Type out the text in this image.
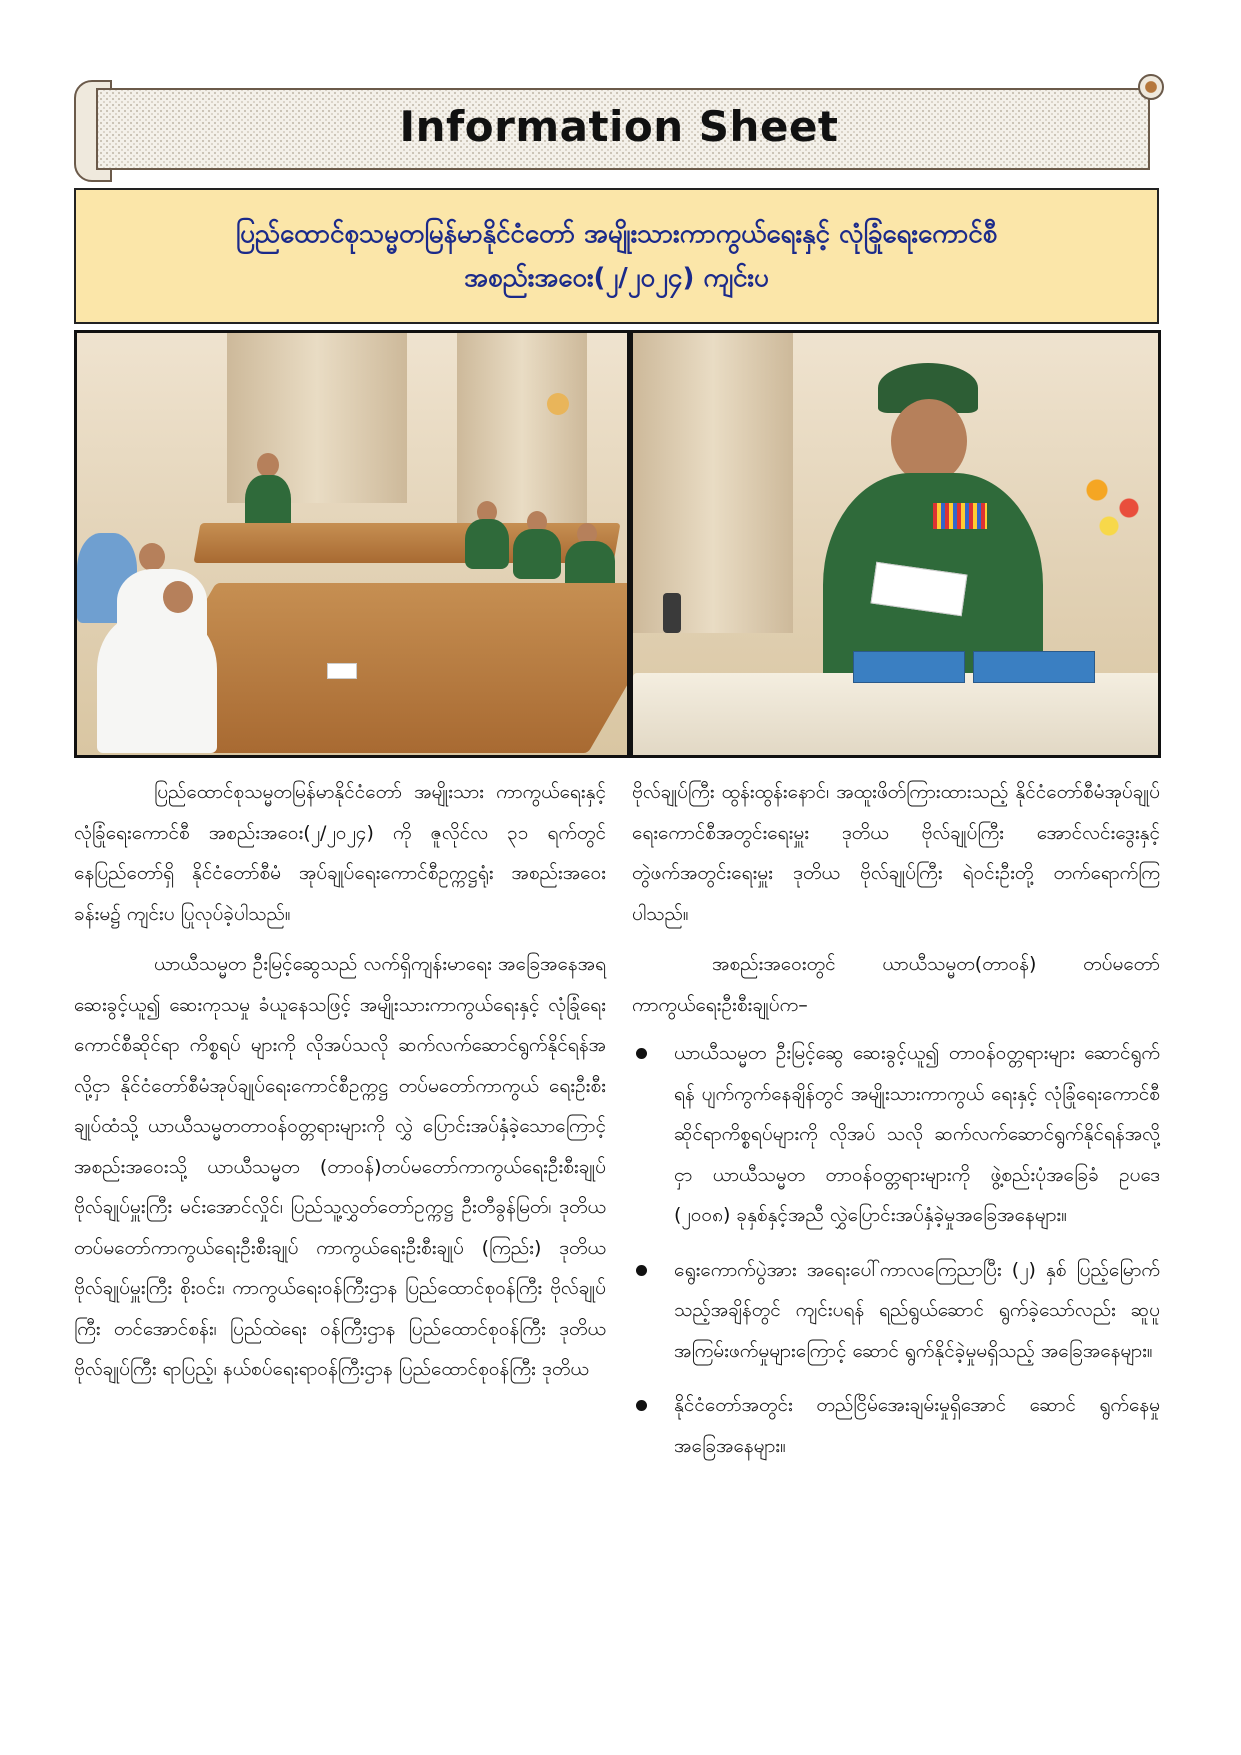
Information Sheet
ပြည်ထောင်စုသမ္မတမြန်မာနိုင်ငံတော် အမျိုးသားကာကွယ်ရေးနှင့် လုံခြုံရေးကောင်စီ
အစည်းအဝေး(၂/၂၀၂၄) ကျင်းပ

ပြည်ထောင်စုသမ္မတမြန်မာနိုင်ငံတော် အမျိုးသား ကာကွယ်ရေးနှင့် လုံခြုံရေးကောင်စီ အစည်းအဝေး(၂/၂၀၂၄) ကို ဇူလိုင်လ ၃၁ ရက်တွင် နေပြည်တော်ရှိ နိုင်ငံတော်စီမံ အုပ်ချုပ်ရေးကောင်စီဥက္ကဋ္ဌရုံး အစည်းအဝေးခန်းမ၌ ကျင်းပ ပြုလုပ်ခဲ့ပါသည်။

ယာယီသမ္မတ ဦးမြင့်ဆွေသည် လက်ရှိကျန်းမာရေး အခြေအနေအရ ဆေးခွင့်ယူ၍ ဆေးကုသမှု ခံယူနေသဖြင့် အမျိုးသားကာကွယ်ရေးနှင့် လုံခြုံရေးကောင်စီဆိုင်ရာ ကိစ္စရပ် များကို လိုအပ်သလို ဆက်လက်ဆောင်ရွက်နိုင်ရန်အလို့ငှာ နိုင်ငံတော်စီမံအုပ်ချုပ်ရေးကောင်စီဥက္ကဋ္ဌ တပ်မတော်ကာကွယ် ရေးဦးစီးချုပ်ထံသို့ ယာယီသမ္မတတာဝန်ဝတ္တရားများကို လွှဲ ပြောင်းအပ်နှံခဲ့သောကြောင့် အစည်းအဝေးသို့ ယာယီသမ္မတ (တာဝန်)တပ်မတော်ကာကွယ်ရေးဦးစီးချုပ် ဗိုလ်ချုပ်မှူးကြီး မင်းအောင်လှိုင်၊ ပြည်သူ့လွှတ်တော်ဥက္ကဋ္ဌ ဦးတီခွန်မြတ်၊ ဒုတိယ တပ်မတော်ကာကွယ်ရေးဦးစီးချုပ် ကာကွယ်ရေးဦးစီးချုပ် (ကြည်း) ဒုတိယဗိုလ်ချုပ်မှူးကြီး စိုးဝင်း၊ ကာကွယ်ရေးဝန်ကြီးဌာန ပြည်ထောင်စုဝန်ကြီး ဗိုလ်ချုပ်ကြီး တင်အောင်စန်း၊ ပြည်ထဲရေး ဝန်ကြီးဌာန ပြည်ထောင်စုဝန်ကြီး ဒုတိယဗိုလ်ချုပ်ကြီး ရာပြည့်၊ နယ်စပ်ရေးရာဝန်ကြီးဌာန ပြည်ထောင်စုဝန်ကြီး ဒုတိယ

ဗိုလ်ချုပ်ကြီး ထွန်းထွန်းနောင်၊ အထူးဖိတ်ကြားထားသည့် နိုင်ငံတော်စီမံအုပ်ချုပ်ရေးကောင်စီအတွင်းရေးမှူး ဒုတိယ ဗိုလ်ချုပ်ကြီး အောင်လင်းဒွေးနှင့် တွဲဖက်အတွင်းရေးမှူး ဒုတိယ ဗိုလ်ချုပ်ကြီး ရဲဝင်းဦးတို့ တက်ရောက်ကြပါသည်။

အစည်းအဝေးတွင် ယာယီသမ္မတ(တာဝန်) တပ်မတော် ကာကွယ်ရေးဦးစီးချုပ်က–

ယာယီသမ္မတ ဦးမြင့်ဆွေ ဆေးခွင့်ယူ၍ တာဝန်ဝတ္တရားများ ဆောင်ရွက်ရန် ပျက်ကွက်နေချိန်တွင် အမျိုးသားကာကွယ် ရေးနှင့် လုံခြုံရေးကောင်စီဆိုင်ရာကိစ္စရပ်များကို လိုအပ် သလို ဆက်လက်ဆောင်ရွက်နိုင်ရန်အလို့ငှာ ယာယီသမ္မတ တာဝန်ဝတ္တရားများကို ဖွဲ့စည်းပုံအခြေခံ ဥပဒေ (၂၀၀၈) ခုနှစ်နှင့်အညီ လွှဲပြောင်းအပ်နှံခဲ့မှုအခြေအနေများ။
ရွေးကောက်ပွဲအား အရေးပေါ်ကာလကြေညာပြီး (၂) နှစ် ပြည့်မြောက်သည့်အချိန်တွင် ကျင်းပရန် ရည်ရွယ်ဆောင် ရွက်ခဲ့သော်လည်း ဆူပူအကြမ်းဖက်မှုများကြောင့် ဆောင် ရွက်နိုင်ခဲ့မှုမရှိသည့် အခြေအနေများ။
နိုင်ငံတော်အတွင်း တည်ငြိမ်အေးချမ်းမှုရှိအောင် ဆောင် ရွက်နေမှုအခြေအနေများ။
